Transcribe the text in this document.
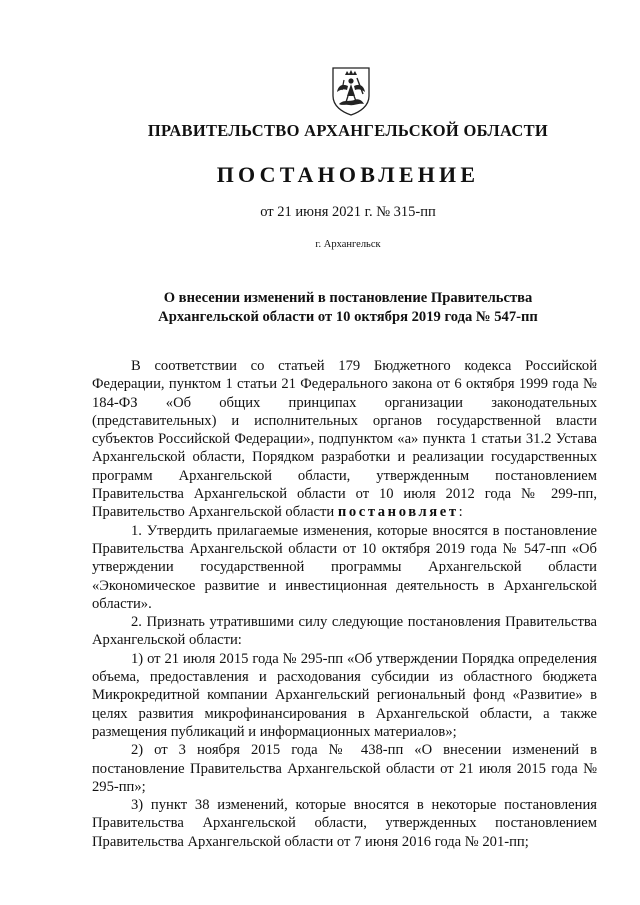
ПРАВИТЕЛЬСТВО АРХАНГЕЛЬСКОЙ ОБЛАСТИ
ПОСТАНОВЛЕНИЕ
от 21 июня 2021 г. № 315-пп
г. Архангельск
О внесении изменений в постановление Правительства
Архангельской области от 10 октября 2019 года № 547-пп

В соответствии со статьей 179 Бюджетного кодекса Российской Федерации, пунктом 1 статьи 21 Федерального закона от 6 октября 1999 года № 184-ФЗ «Об общих принципах организации законодательных (представительных) и исполнительных органов государственной власти субъектов Российской Федерации», подпунктом «а» пункта 1 статьи 31.2 Устава Архангельской области, Порядком разработки и реализации государственных программ Архангельской области, утвержденным постановлением Правительства Архангельской области от 10 июля 2012 года № 299-пп, Правительство Архангельской области постановляет:

1. Утвердить прилагаемые изменения, которые вносятся в постановление Правительства Архангельской области от 10 октября 2019 года № 547-пп «Об утверждении государственной программы Архангельской области «Экономическое развитие и инвестиционная деятельность в Архангельской области».

2. Признать утратившими силу следующие постановления Правительства Архангельской области:

1) от 21 июля 2015 года № 295-пп «Об утверждении Порядка определения объема, предоставления и расходования субсидии из областного бюджета Микрокредитной компании Архангельский региональный фонд «Развитие» в целях развития микрофинансирования в Архангельской области, а также размещения публикаций и информационных материалов»;

2) от 3 ноября 2015 года № 438-пп «О внесении изменений в постановление Правительства Архангельской области от 21 июля 2015 года № 295-пп»;

3) пункт 38 изменений, которые вносятся в некоторые постановления Правительства Архангельской области, утвержденных постановлением Правительства Архангельской области от 7 июня 2016 года № 201-пп;
